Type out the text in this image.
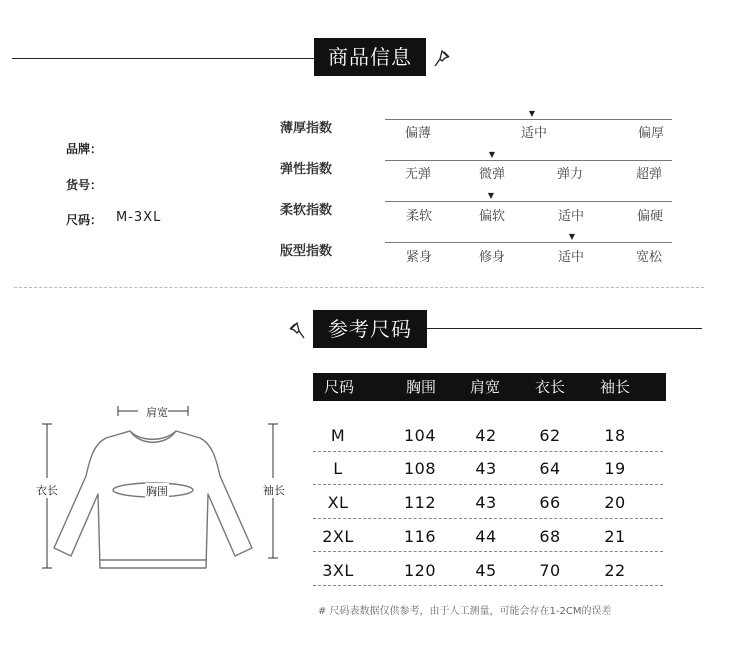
商品信息
品牌：
货号：
尺码： M-3XL
薄厚指数
▼
偏薄	适中	偏厚
弹性指数
▼
无弹	微弹	弹力	超弹
柔软指数
▼
柔软	偏软	适中	偏硬
版型指数
▼
紧身	修身	适中	宽松
参考尺码
尺码	胸围 肩宽 衣长 袖长
M	104 42	62	18
L	108 43	64	19
XL	112 43	66	20
2XL	116 44	68	21
3XL	120 45	70	22
# 尺码表数据仅供参考，由于人工测量，可能会存在1-2CM的误差
肩宽
胸围
衣长	袖长
